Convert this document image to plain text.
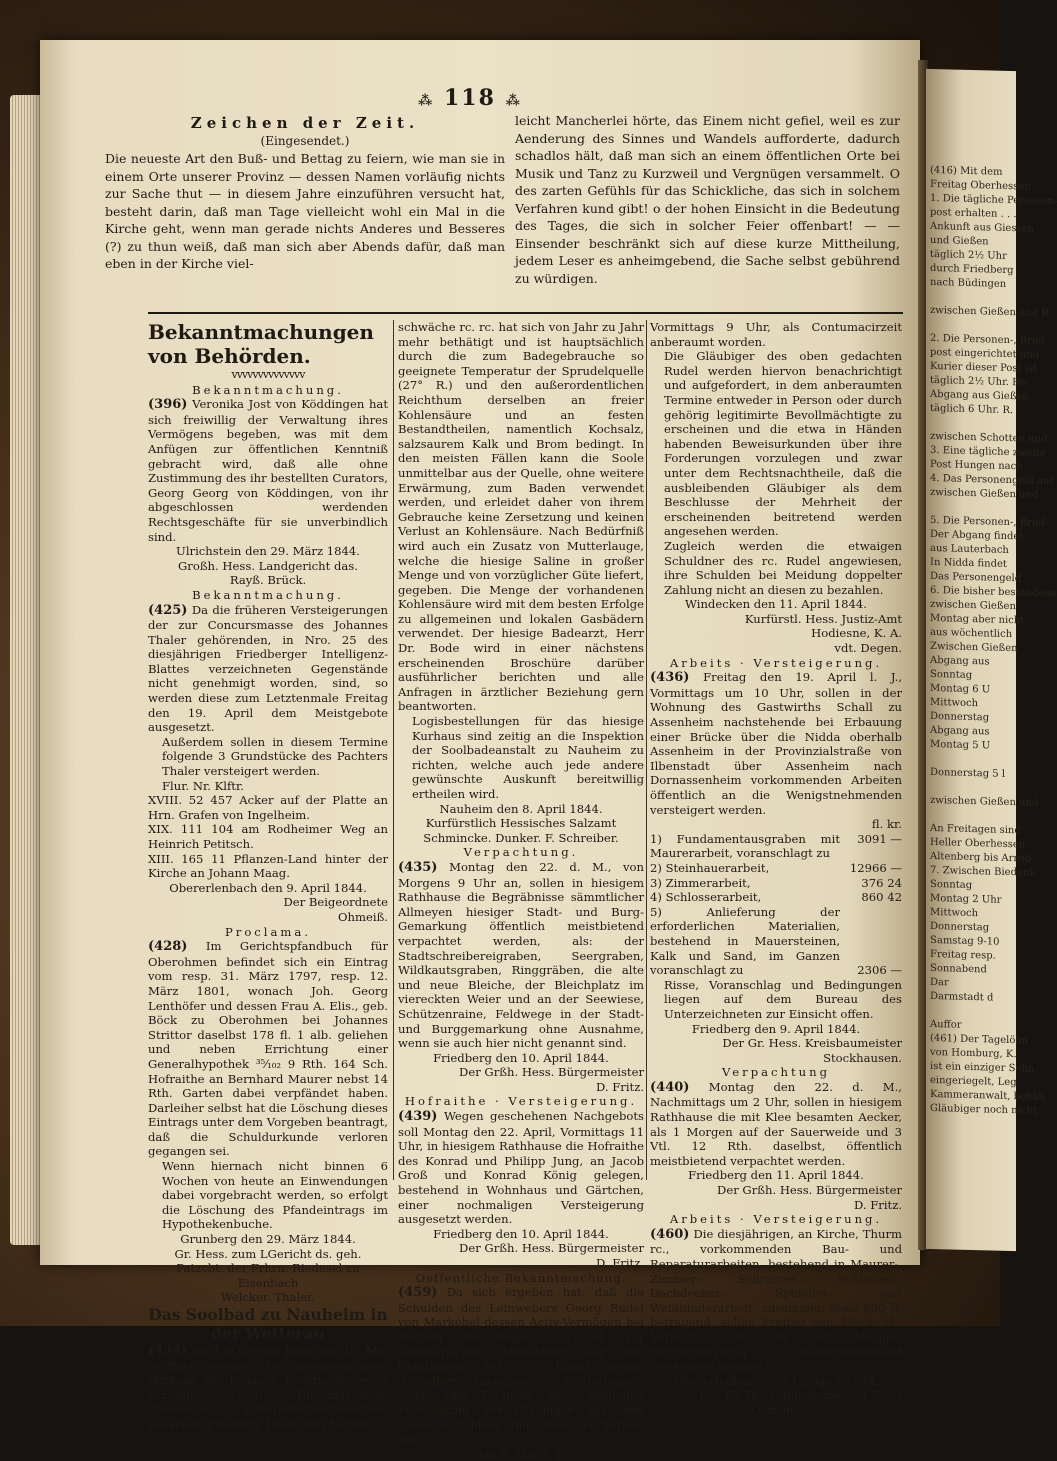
(416) Mit dem
Freitag Oberhessen
1. Die tägliche Personen-
post erhalten . . .
Ankunft aus Giessen
und Gießen
täglich 2½ Uhr
durch Friedberg
nach Büdingen

zwischen Gießen und R.

2. Die Personen-, Brief-
post eingerichtet und
Kurier dieser Post ist
täglich 2½ Uhr. Re-
Abgang aus Gießen
täglich 6 Uhr. R.

zwischen Schotten und
3. Eine tägliche zweite
Post Hungen nach
4. Das Personengeld auf
zwischen Gießen und

5. Die Personen-, Brief-
Der Abgang findet
aus Lauterbach
In Nidda findet
Das Personengeld
6. Die bisher bestandene
zwischen Gießen
Montag aber nicht
aus wöchentlich
Zwischen Gießen
Abgang aus
Sonntag
Montag 6 U
Mittwoch
Donnerstag
Abgang aus
Montag 5 U

Donnerstag 5 l

zwischen Gießen und

An Freitagen sind
Heller Oberhessen
Altenberg bis Arnsb.
7. Zwischen Biedenk.
Sonntag
Montag 2 Uhr
Mittwoch
Donnerstag
Samstag 9-10
Freitag resp.
Sonnabend
Dar
Darmstadt d

Auffor
(461) Der Tagelöhn
von Homburg, K.
ist ein einziger Sohn
eingeriegelt, Leg.
Kammeranwalt, behält
Gläubiger noch nicht
⁂ 118 ⁂
Zeichen der Zeit.
(Eingesendet.)

Die neueste Art den Buß- und Bettag zu feiern, wie man sie in einem Orte unserer Provinz — dessen Namen vorläufig nichts zur Sache thut — in diesem Jahre einzuführen versucht hat, besteht darin, daß man Tage vielleicht wohl ein Mal in die Kirche geht, wenn man gerade nichts Anderes und Besseres (?) zu thun weiß, daß man sich aber Abends dafür, daß man eben in der Kirche viel-

leicht Mancherlei hörte, das Einem nicht gefiel, weil es zur Aenderung des Sinnes und Wandels aufforderte, dadurch schadlos hält, daß man sich an einem öffentlichen Orte bei Musik und Tanz zu Kurzweil und Vergnügen versammelt. O des zarten Gefühls für das Schickliche, das sich in solchem Verfahren kund gibt! o der hohen Einsicht in die Bedeutung des Tages, die sich in solcher Feier offenbart! — — Einsender beschränkt sich auf diese kurze Mittheilung, jedem Leser es anheimgebend, die Sache selbst gebührend zu würdigen.

Bekanntmachungen von Behörden.
ᴠᴠᴠᴠᴠᴠᴠᴠᴠᴠᴠᴠᴠᴠ
Bekanntmachung.

(396) Veronika Jost von Köddingen hat sich freiwillig der Verwaltung ihres Vermögens begeben, was mit dem Anfügen zur öffentlichen Kenntniß gebracht wird, daß alle ohne Zustimmung des ihr bestellten Curators, Georg Georg von Köddingen, von ihr abgeschlossen werdenden Rechtsgeschäfte für sie unverbindlich sind.

Ulrichstein den 29. März 1844.
Großh. Hess. Landgericht das.
Rayß. Brück.
Bekanntmachung.

(425) Da die früheren Versteigerungen der zur Concursmasse des Johannes Thaler gehörenden, in Nro. 25 des diesjährigen Friedberger Intelligenz-Blattes verzeichneten Gegenstände nicht genehmigt worden, sind, so werden diese zum Letztenmale Freitag den 19. April dem Meistgebote ausgesetzt.

Außerdem sollen in diesem Termine folgende 3 Grundstücke des Pachters Thaler versteigert werden.

Flur. Nr. Klftr.
XVIII. 52 457 Acker auf der Platte an Hrn. Grafen von Ingelheim.
XIX. 111 104 am Rodheimer Weg an Heinrich Petitsch.
XIII. 165 11 Pflanzen-Land hinter der Kirche an Johann Maag.
Obererlenbach den 9. April 1844.
Der Beigeordnete
Ohmeiß.
Proclama.

(428) Im Gerichtspfandbuch für Oberohmen befindet sich ein Eintrag vom resp. 31. März 1797, resp. 12. März 1801, wonach Joh. Georg Lenthöfer und dessen Frau A. Elis., geb. Böck zu Oberohmen bei Johannes Strittor daselbst 178 fl. 1 alb. geliehen und neben Errichtung einer Generalhypothek ³⁵⁄₁₀₂ 9 Rth. 164 Sch. Hofraithe an Bernhard Maurer nebst 14 Rth. Garten dabei verpfändet haben. Darleiher selbst hat die Löschung dieses Eintrags unter dem Vorgeben beantragt, daß die Schuldurkunde verloren gegangen sei.

Wenn hiernach nicht binnen 6 Wochen von heute an Einwendungen dabei vorgebracht werden, so erfolgt die Löschung des Pfandeintrags im Hypothekenbuche.

Grunberg den 29. März 1844.
Gr. Hess. zum LGericht ds. geh.
Patzcht. der Frhrn. Riedesel zu Eisenbach
Welcker. Thaler.
Das Soolbad zu Nauheim in der Wetterau

(434) wird in diesem Jahre am 15. Mai eröffnet werden. Die ausgezeichnete Wirkung der hiesigen Soolquelle gegen Scrofeln, Gicht, Rheumatismus, chronische Unterleibsbeschwerden, bösartige Flechten, Haut- und Nerven-

schwäche rc. rc. hat sich von Jahr zu Jahr mehr bethätigt und ist hauptsächlich durch die zum Badegebrauche so geeignete Temperatur der Sprudelquelle (27° R.) und den außerordentlichen Reichthum derselben an freier Kohlensäure und an festen Bestandtheilen, namentlich Kochsalz, salzsaurem Kalk und Brom bedingt. In den meisten Fällen kann die Soole unmittelbar aus der Quelle, ohne weitere Erwärmung, zum Baden verwendet werden, und erleidet daher von ihrem Gebrauche keine Zersetzung und keinen Verlust an Kohlensäure. Nach Bedürfniß wird auch ein Zusatz von Mutterlauge, welche die hiesige Saline in großer Menge und von vorzüglicher Güte liefert, gegeben. Die Menge der vorhandenen Kohlensäure wird mit dem besten Erfolge zu allgemeinen und lokalen Gasbädern verwendet. Der hiesige Badearzt, Herr Dr. Bode wird in einer nächstens erscheinenden Broschüre darüber ausführlicher berichten und alle Anfragen in ärztlicher Beziehung gern beantworten.

Logisbestellungen für das hiesige Kurhaus sind zeitig an die Inspektion der Soolbadeanstalt zu Nauheim zu richten, welche auch jede andere gewünschte Auskunft bereitwillig ertheilen wird.

Nauheim den 8. April 1844.
Kurfürstlich Hessisches Salzamt
Schmincke. Dunker. F. Schreiber.
Verpachtung.

(435) Montag den 22. d. M., von Morgens 9 Uhr an, sollen in hiesigem Rathhause die Begräbnisse sämmtlicher Allmeyen hiesiger Stadt- und Burg-Gemarkung öffentlich meistbietend verpachtet werden, als: der Stadtschreibereigraben, Seergraben, Wildkautsgraben, Ringgräben, die alte und neue Bleiche, der Bleichplatz im viereckten Weier und an der Seewiese, Schützenraine, Feldwege in der Stadt- und Burggemarkung ohne Ausnahme, wenn sie auch hier nicht genannt sind.

Friedberg den 10. April 1844.
Der Grßh. Hess. Bürgermeister
D. Fritz.
Hofraithe · Versteigerung.

(439) Wegen geschehenen Nachgebots soll Montag den 22. April, Vormittags 11 Uhr, in hiesigem Rathhause die Hofraithe des Konrad und Philipp Jung, an Jacob Groß und Konrad König gelegen, bestehend in Wohnhaus und Gärtchen, einer nochmaligen Versteigerung ausgesetzt werden.

Friedberg den 10. April 1844.
Der Grßh. Hess. Bürgermeister
D. Fritz.
Oeffentliche Bekanntmachung.

(459) Da sich ergeben hat, daß die Schulden des Leinwebers Georg Rudel von Markobel dessen Activ-Vermögen bei Weitem übersteigen, so ist zur summarischen Anmeldung der den Gläubigern des rc. Rudel gegen denselben zustehenden Forderungen, sowie zum Versuche einer gütlichen Vereinigung der Gläubiger mit dem Gemeinschuldner und unter sich Termin auf

den 9. Mai d. J.,

Vormittags 9 Uhr, als Contumacirzeit anberaumt worden.

Die Gläubiger des oben gedachten Rudel werden hiervon benachrichtigt und aufgefordert, in dem anberaumten Termine entweder in Person oder durch gehörig legitimirte Bevollmächtigte zu erscheinen und die etwa in Händen habenden Beweisurkunden über ihre Forderungen vorzulegen und zwar unter dem Rechtsnachtheile, daß die ausbleibenden Gläubiger als dem Beschlusse der Mehrheit der erscheinenden beitretend werden angesehen werden.

Zugleich werden die etwaigen Schuldner des rc. Rudel angewiesen, ihre Schulden bei Meidung doppelter Zahlung nicht an diesen zu bezahlen.

Windecken den 11. April 1844.
Kurfürstl. Hess. Justiz-Amt
Hodiesne, K. A.
vdt. Degen.
Arbeits · Versteigerung.

(436) Freitag den 19. April l. J., Vormittags um 10 Uhr, sollen in der Wohnung des Gastwirths Schall zu Assenheim nachstehende bei Erbauung einer Brücke über die Nidda oberhalb Assenheim in der Provinzialstraße von Ilbenstadt über Assenheim nach Dornassenheim vorkommenden Arbeiten öffentlich an die Wenigstnehmenden versteigert werden.

fl. kr.
1) Fundamentausgraben mit Maurerarbeit, voranschlagt zu
3091 —
2) Steinhauerarbeit,	12966 —
3) Zimmerarbeit,	376 24
4) Schlosserarbeit,	860 42
5) Anlieferung der erforderlichen Materialien, bestehend in Mauersteinen, Kalk und Sand, im Ganzen voranschlagt zu	2306 —

Risse, Voranschlag und Bedingungen liegen auf dem Bureau des Unterzeichneten zur Einsicht offen.

Friedberg den 9. April 1844.
Der Gr. Hess. Kreisbaumeister
Stockhausen.
Verpachtung

(440) Montag den 22. d. M., Nachmittags um 2 Uhr, sollen in hiesigem Rathhause die mit Klee besamten Aecker, als 1 Morgen auf der Sauerweide und 3 Vtl. 12 Rth. daselbst, öffentlich meistbietend verpachtet werden.

Friedberg den 11. April 1844.
Der Grßh. Hess. Bürgermeister
D. Fritz.
Arbeits · Versteigerung.

(460) Die diesjährigen, an Kirche, Thurm rc., vorkommenden Bau- und Reparaturarbeiten, bestehend in Maurer-, Zimmer-, Schreiner-, Schlosser-, Dachdecker-, Spengler- und Weißbinderarbeit, zusammen etwa 600 fl. betragend, sollen Freitag den 19. d. M., Vormittags 9 Uhr, auf hiesiger Bürgermeisterei wenigstnehmend versteigert werden.

Obererlenbach den 12. April 1844.
Der Gr. Hess. Bürgermeister-Vicar
Ohmeiß.
